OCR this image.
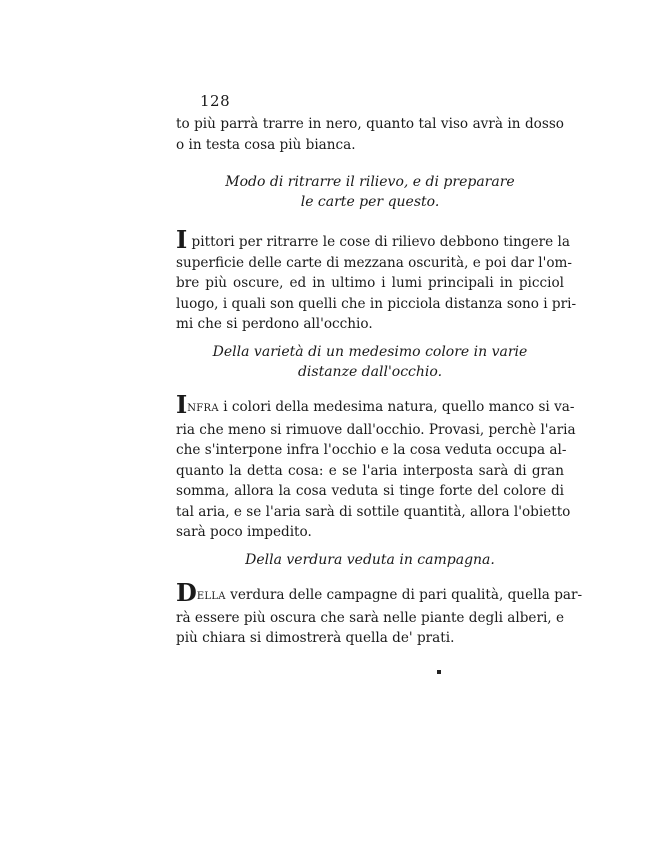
128
to più parrà trarre in nero, quanto tal viso avrà in dosso
o in testa cosa più bianca.
Modo di ritrarre il rilievo, e di preparare
le carte per questo.
I pittori per ritrarre le cose di rilievo debbono tingere la
superficie delle carte di mezzana oscurità, e poi dar l'om-
bre più oscure, ed in ultimo i lumi principali in picciol
luogo, i quali son quelli che in picciola distanza sono i pri-
mi che si perdono all'occhio.
Della varietà di un medesimo colore in varie
distanze dall'occhio.
INFRA i colori della medesima natura, quello manco si va-
ria che meno si rimuove dall'occhio. Provasi, perchè l'aria
che s'interpone infra l'occhio e la cosa veduta occupa al-
quanto la detta cosa: e se l'aria interposta sarà di gran
somma, allora la cosa veduta si tinge forte del colore di
tal aria, e se l'aria sarà di sottile quantità, allora l'obietto
sarà poco impedito.
Della verdura veduta in campagna.
DELLA verdura delle campagne di pari qualità, quella par-
rà essere più oscura che sarà nelle piante degli alberi, e
più chiara si dimostrerà quella de' prati.
